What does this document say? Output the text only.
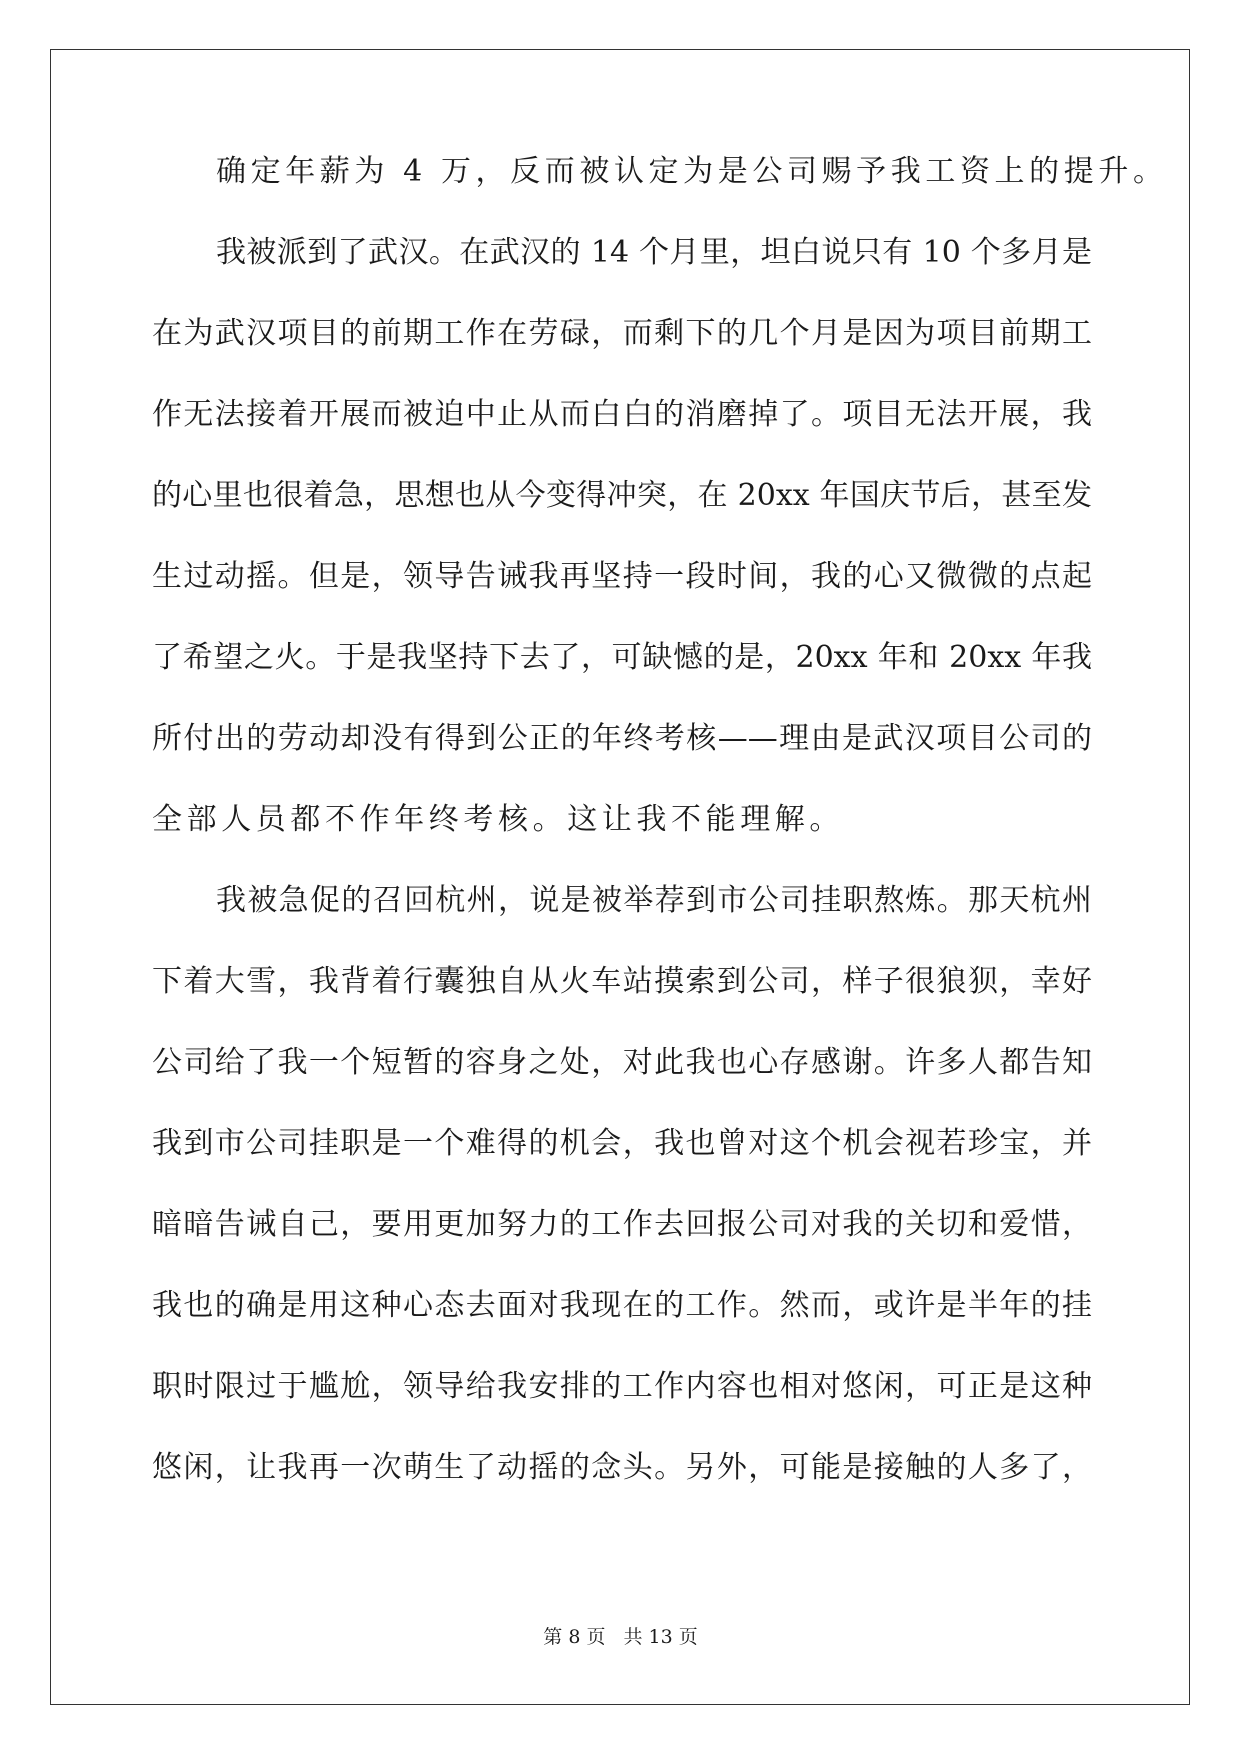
确定年薪为 4 万，反而被认定为是公司赐予我工资上的提升。
我被派到了武汉。在武汉的 14 个月里，坦白说只有 10 个多月是
在为武汉项目的前期工作在劳碌，而剩下的几个月是因为项目前期工
作无法接着开展而被迫中止从而白白的消磨掉了。项目无法开展，我
的心里也很着急，思想也从今变得冲突，在 20xx 年国庆节后，甚至发
生过动摇。但是，领导告诫我再坚持一段时间，我的心又微微的点起
了希望之火。于是我坚持下去了，可缺憾的是，20xx 年和 20xx 年我
所付出的劳动却没有得到公正的年终考核——理由是武汉项目公司的
全部人员都不作年终考核。这让我不能理解。
我被急促的召回杭州，说是被举荐到市公司挂职熬炼。那天杭州
下着大雪，我背着行囊独自从火车站摸索到公司，样子很狼狈，幸好
公司给了我一个短暂的容身之处，对此我也心存感谢。许多人都告知
我到市公司挂职是一个难得的机会，我也曾对这个机会视若珍宝，并
暗暗告诫自己，要用更加努力的工作去回报公司对我的关切和爱惜，
我也的确是用这种心态去面对我现在的工作。然而，或许是半年的挂
职时限过于尴尬，领导给我安排的工作内容也相对悠闲，可正是这种
悠闲，让我再一次萌生了动摇的念头。另外，可能是接触的人多了，
第 8 页 共 13 页
